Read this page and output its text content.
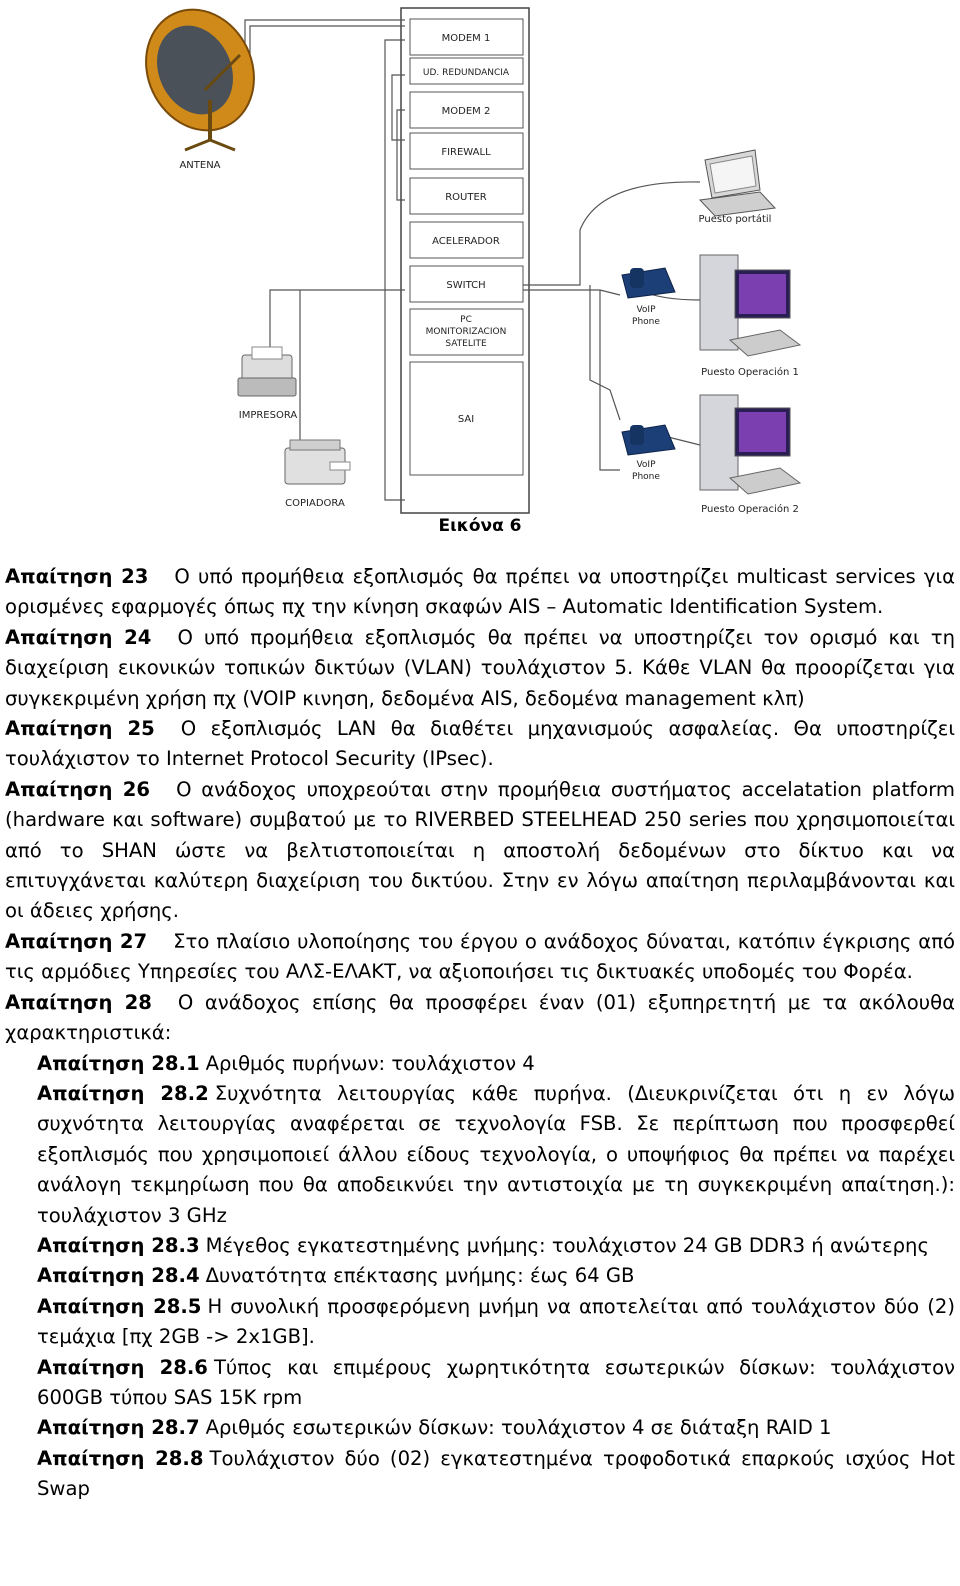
MODEM 1
UD. REDUNDANCIA
MODEM 2
FIREWALL
ROUTER
ACELERADOR
SWITCH
PC
MONITORIZACION
SATELITE
SAI
ANTENA
IMPRESORA
COPIADORA
Puesto portátil
Puesto Operación 1
Puesto Operación 2
VoIP
Phone
VoIP
Phone
Εικόνα 6

Απαίτηση 23 Ο υπό προμήθεια εξοπλισμός θα πρέπει να υποστηρίζει multicast services για ορισμένες εφαρμογές όπως πχ την κίνηση σκαφών AIS – Automatic Identification System.

Απαίτηση 24 Ο υπό προμήθεια εξοπλισμός θα πρέπει να υποστηρίζει τον ορισμό και τη διαχείριση εικονικών τοπικών δικτύων (VLAN) τουλάχιστον 5. Κάθε VLAN θα προορίζεται για συγκεκριμένη χρήση πχ (VOIP κινηση, δεδομένα AIS, δεδομένα management κλπ)

Απαίτηση 25 Ο εξοπλισμός LAN θα διαθέτει μηχανισμούς ασφαλείας. Θα υποστηρίζει τουλάχιστον το Internet Protocol Security (IPsec).

Απαίτηση 26 Ο ανάδοχος υποχρεούται στην προμήθεια συστήματος accelatation platform (hardware και software) συμβατού με το RIVERBED STEELHEAD 250 series που χρησιμοποιείται από το SHAN ώστε να βελτιστοποιείται η αποστολή δεδομένων στο δίκτυο και να επιτυγχάνεται καλύτερη διαχείριση του δικτύου. Στην εν λόγω απαίτηση περιλαμβάνονται και οι άδειες χρήσης.

Απαίτηση 27 Στο πλαίσιο υλοποίησης του έργου ο ανάδοχος δύναται, κατόπιν έγκρισης από τις αρμόδιες Υπηρεσίες του ΑΛΣ-ΕΛΑΚΤ, να αξιοποιήσει τις δικτυακές υποδομές του Φορέα.

Απαίτηση 28 Ο ανάδοχος επίσης θα προσφέρει έναν (01) εξυπηρετητή με τα ακόλουθα χαρακτηριστικά:

Απαίτηση 28.1 Αριθμός πυρήνων: τουλάχιστον 4

Απαίτηση 28.2 Συχνότητα λειτουργίας κάθε πυρήνα. (Διευκρινίζεται ότι η εν λόγω συχνότητα λειτουργίας αναφέρεται σε τεχνολογία FSB. Σε περίπτωση που προσφερθεί εξοπλισμός που χρησιμοποιεί άλλου είδους τεχνολογία, ο υποψήφιος θα πρέπει να παρέχει ανάλογη τεκμηρίωση που θα αποδεικνύει την αντιστοιχία με τη συγκεκριμένη απαίτηση.): τουλάχιστον 3 GHz

Απαίτηση 28.3 Μέγεθος εγκατεστημένης μνήμης: τουλάχιστον 24 GB DDR3 ή ανώτερης

Απαίτηση 28.4 Δυνατότητα επέκτασης μνήμης: έως 64 GB

Απαίτηση 28.5 Η συνολική προσφερόμενη μνήμη να αποτελείται από τουλάχιστον δύο (2) τεμάχια [πχ 2GB -> 2x1GB].

Απαίτηση 28.6 Τύπος και επιμέρους χωρητικότητα εσωτερικών δίσκων: τουλάχιστον 600GB τύπου SAS 15K rpm

Απαίτηση 28.7 Αριθμός εσωτερικών δίσκων: τουλάχιστον 4 σε διάταξη RAID 1

Απαίτηση 28.8 Τουλάχιστον δύο (02) εγκατεστημένα τροφοδοτικά επαρκούς ισχύος Hot Swap
